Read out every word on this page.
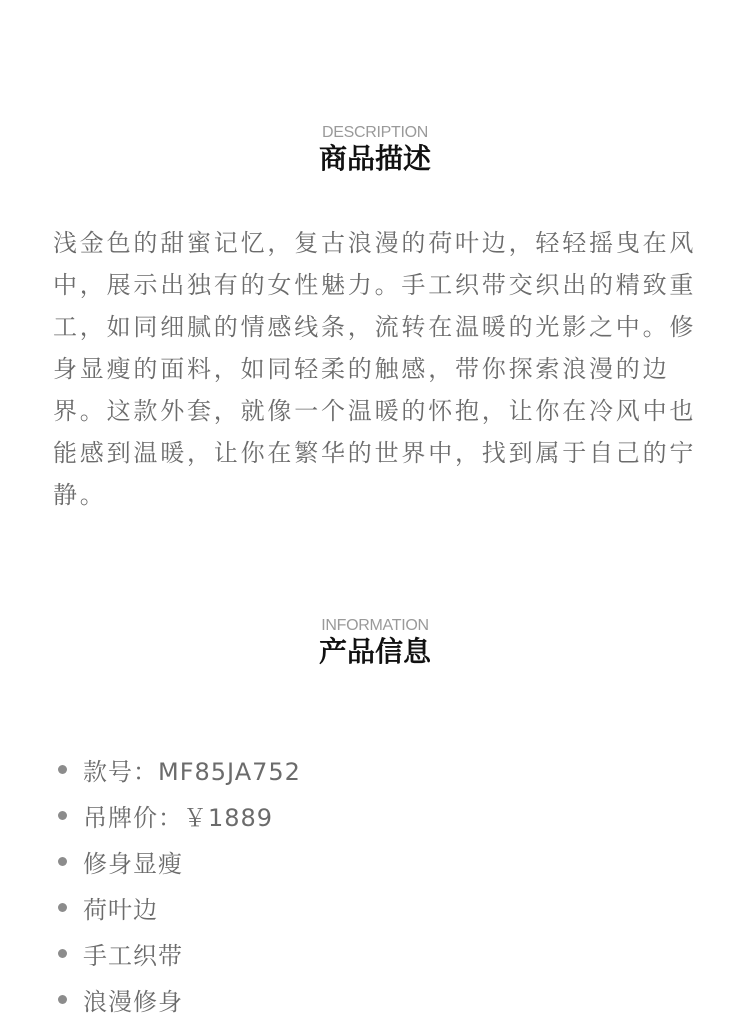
DESCRIPTION
商品描述

浅金色的甜蜜记忆，复古浪漫的荷叶边，轻轻摇曳在风中，展示出独有的女性魅力。手工织带交织出的精致重工，如同细腻的情感线条，流转在温暖的光影之中。修身显瘦的面料，如同轻柔的触感，带你探索浪漫的边界。这款外套，就像一个温暖的怀抱，让你在冷风中也能感到温暖，让你在繁华的世界中，找到属于自己的宁静。

INFORMATION
产品信息
款号：MF85JA752
吊牌价：￥1889
修身显瘦
荷叶边
手工织带
浪漫修身
